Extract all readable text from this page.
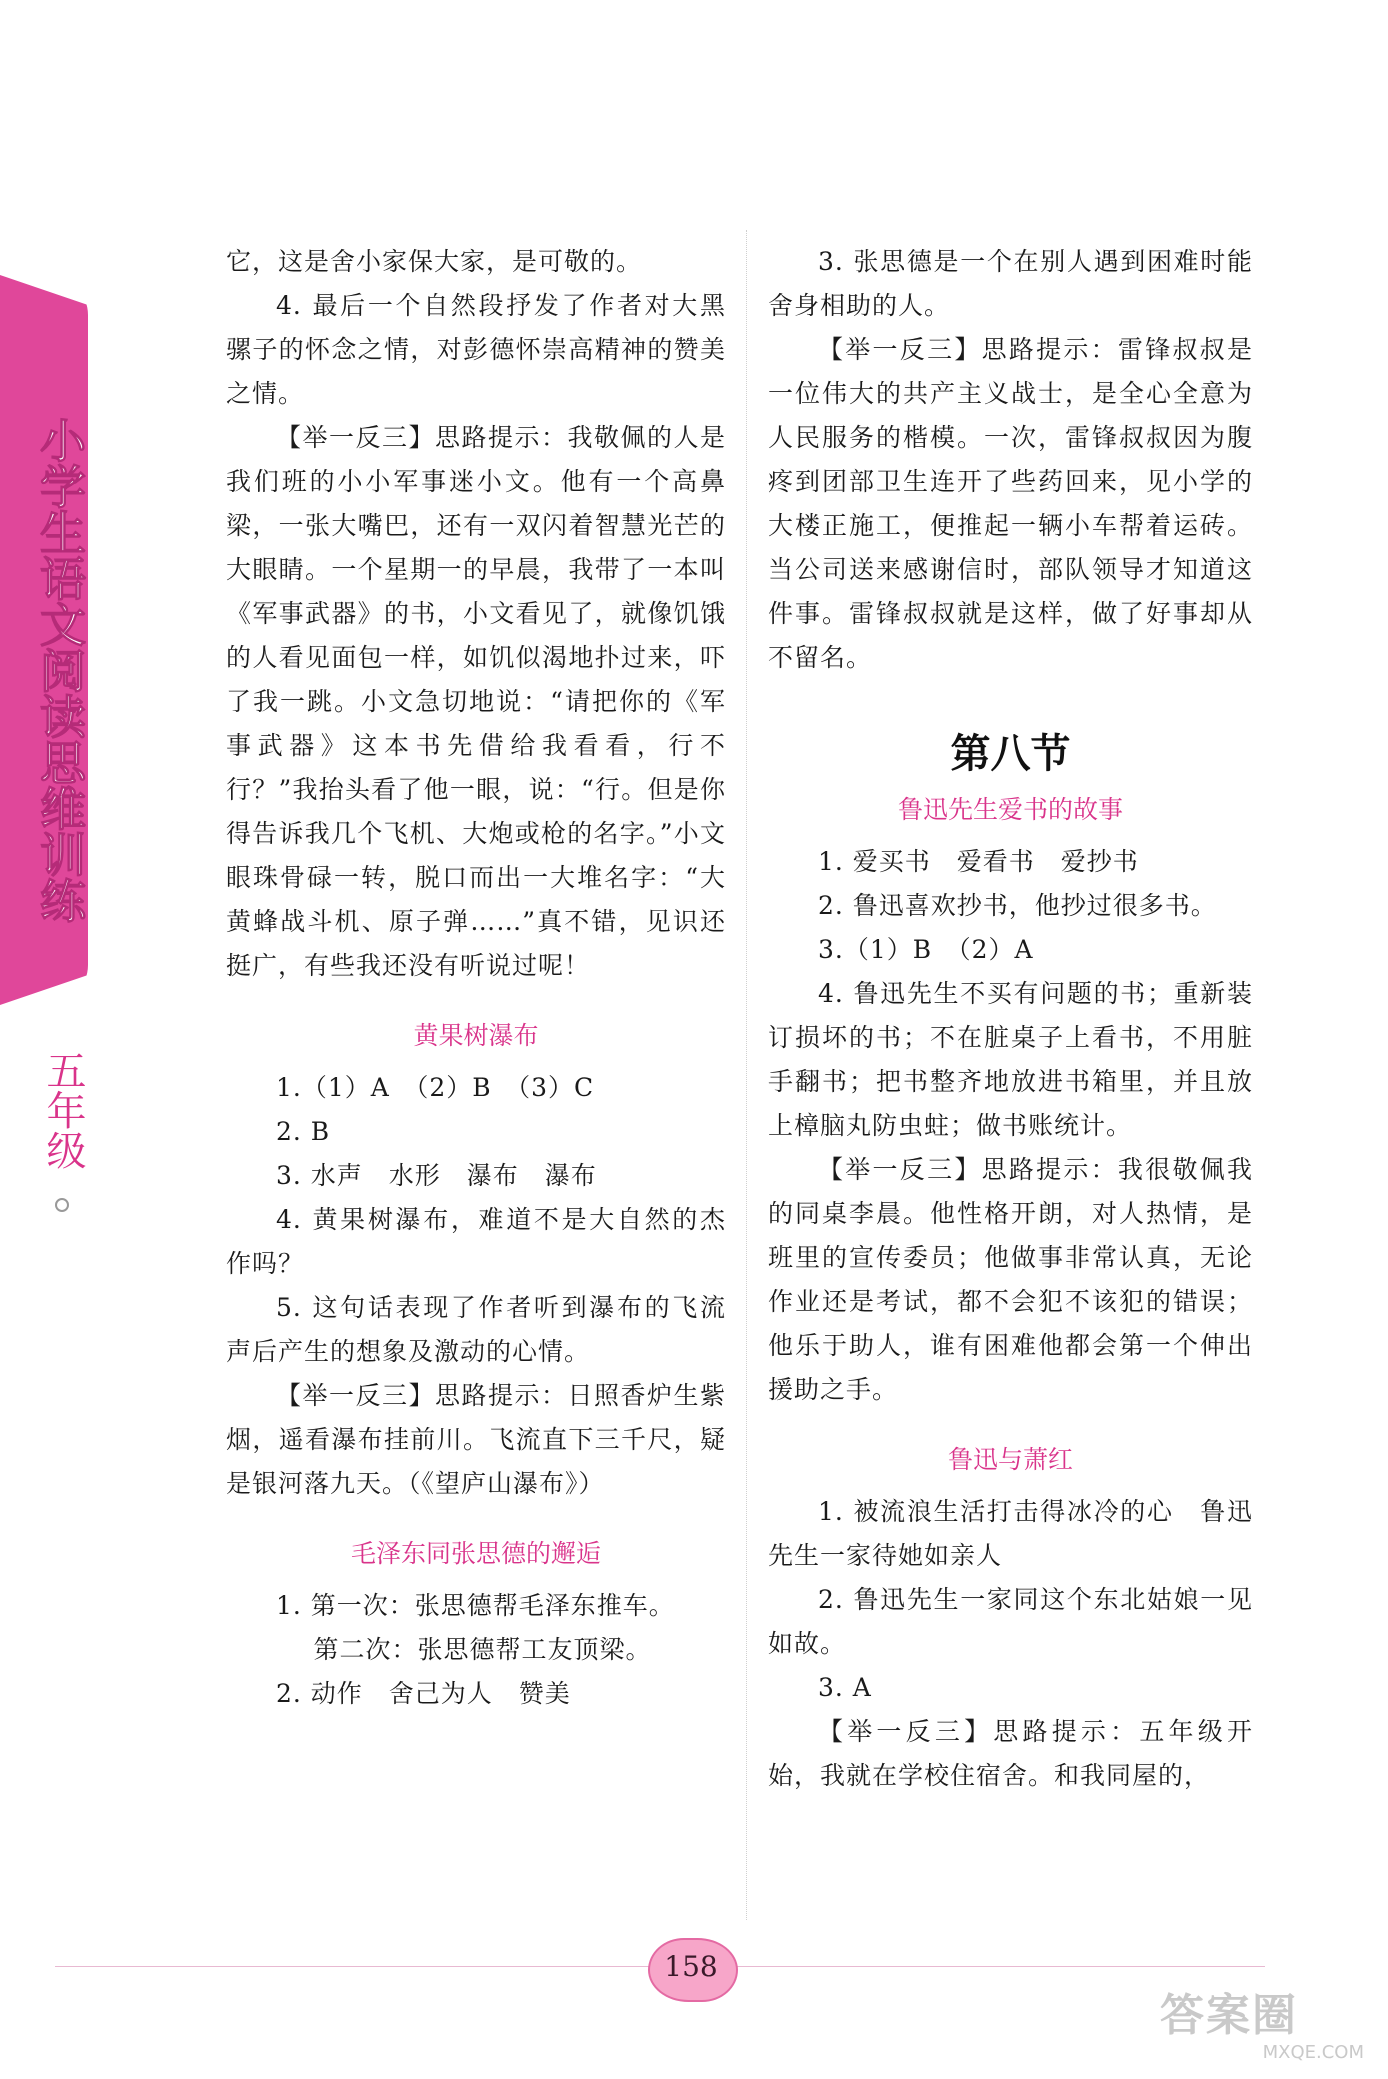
小学生语文阅读思维训练
五年级

它，这是舍小家保大家，是可敬的。

4. 最后一个自然段抒发了作者对大黑骡子的怀念之情，对彭德怀崇高精神的赞美之情。

【举一反三】思路提示：我敬佩的人是我们班的小小军事迷小文。他有一个高鼻梁，一张大嘴巴，还有一双闪着智慧光芒的大眼睛。一个星期一的早晨，我带了一本叫《军事武器》的书，小文看见了，就像饥饿的人看见面包一样，如饥似渴地扑过来，吓了我一跳。小文急切地说：“请把你的《军事武器》这本书先借给我看看，行不行？”我抬头看了他一眼，说：“行。但是你得告诉我几个飞机、大炮或枪的名字。”小文眼珠骨碌一转，脱口而出一大堆名字：“大黄蜂战斗机、原子弹……”真不错，见识还挺广，有些我还没有听说过呢！

黄果树瀑布

1.（1）A　（2）B　（3）C

2. B

3. 水声　水形　瀑布　瀑布

4. 黄果树瀑布，难道不是大自然的杰作吗？

5. 这句话表现了作者听到瀑布的飞流声后产生的想象及激动的心情。

【举一反三】思路提示：日照香炉生紫烟，遥看瀑布挂前川。飞流直下三千尺，疑是银河落九天。（《望庐山瀑布》）

毛泽东同张思德的邂逅

1. 第一次：张思德帮毛泽东推车。

第二次：张思德帮工友顶梁。

2. 动作　舍己为人　赞美

3. 张思德是一个在别人遇到困难时能舍身相助的人。

【举一反三】思路提示：雷锋叔叔是一位伟大的共产主义战士，是全心全意为人民服务的楷模。一次，雷锋叔叔因为腹疼到团部卫生连开了些药回来，见小学的大楼正施工，便推起一辆小车帮着运砖。当公司送来感谢信时，部队领导才知道这件事。雷锋叔叔就是这样，做了好事却从不留名。

第八节
鲁迅先生爱书的故事

1. 爱买书　爱看书　爱抄书

2. 鲁迅喜欢抄书，他抄过很多书。

3.（1）B　（2）A

4. 鲁迅先生不买有问题的书；重新装订损坏的书；不在脏桌子上看书，不用脏手翻书；把书整齐地放进书箱里，并且放上樟脑丸防虫蛀；做书账统计。

【举一反三】思路提示：我很敬佩我的同桌李晨。他性格开朗，对人热情，是班里的宣传委员；他做事非常认真，无论作业还是考试，都不会犯不该犯的错误；他乐于助人，谁有困难他都会第一个伸出援助之手。

鲁迅与萧红

1. 被流浪生活打击得冰冷的心　鲁迅先生一家待她如亲人

2. 鲁迅先生一家同这个东北姑娘一见如故。

3. A

【举一反三】思路提示：五年级开始，我就在学校住宿舍。和我同屋的，

158
答案圈
MXQE.COM
